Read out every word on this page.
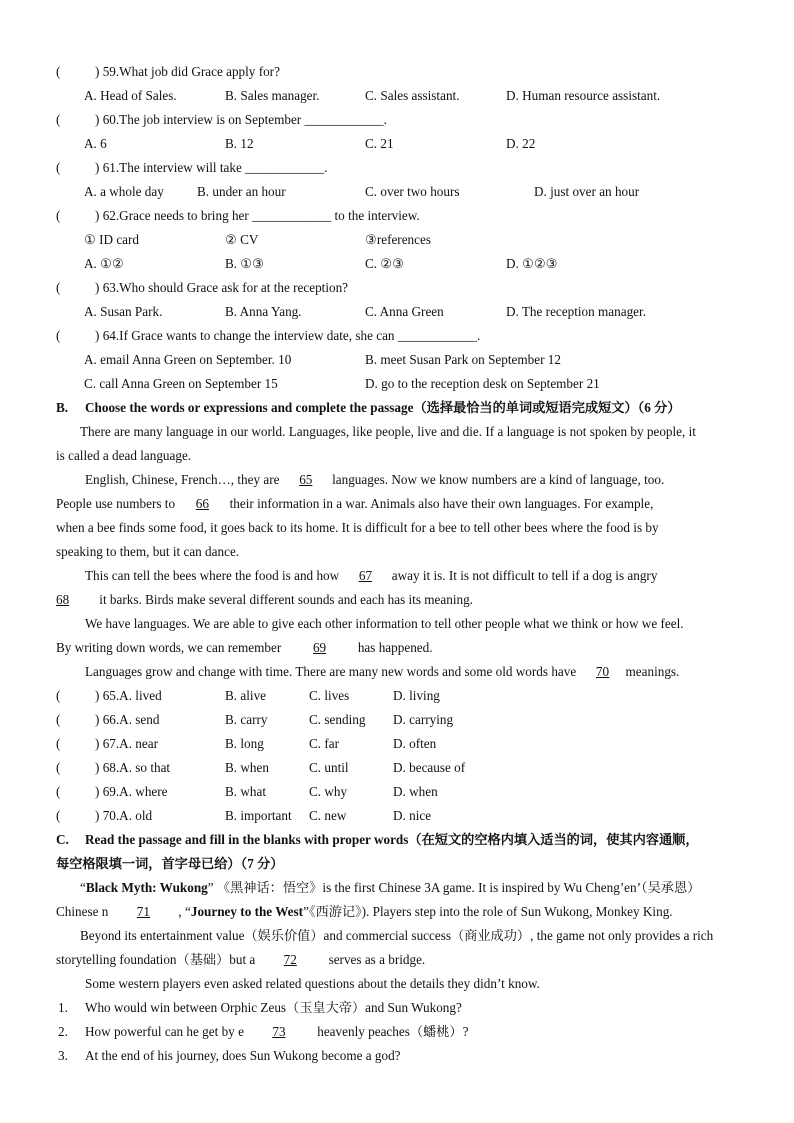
(	) 59.What job did Grace apply for?
A. Head of Sales.	B. Sales manager.	C. Sales assistant.	D. Human resource assistant.
(	) 60.The job interview is on September ____________.
A. 6	B. 12	C. 21	D. 22
(	) 61.The interview will take ____________.
A. a whole day	B. under an hour	C. over two hours	D. just over an hour
(	) 62.Grace needs to bring her ____________ to the interview.
① ID card	② CV	③references
A. ①②	B. ①③	C. ②③	D. ①②③
(	) 63.Who should Grace ask for at the reception?
A. Susan Park.	B. Anna Yang.	C. Anna Green	D. The reception manager.
(	) 64.If Grace wants to change the interview date, she can ____________.
A. email Anna Green on September. 10	B. meet Susan Park on September 12
C. call Anna Green on September 15	D. go to the reception desk on September 21
B. Choose the words or expressions and complete the passage（选择最恰当的单词或短语完成短文）（6 分）
There are many language in our world. Languages, like people, live and die. If a language is not spoken by people, it
is called a dead language.
English, Chinese, French…, they are 65 languages. Now we know numbers are a kind of language, too.
People use numbers to 66 their information in a war. Animals also have their own languages. For example,
when a bee finds some food, it goes back to its home. It is difficult for a bee to tell other bees where the food is by
speaking to them, but it can dance.
This can tell the bees where the food is and how 67 away it is. It is not difficult to tell if a dog is angry
68 it barks. Birds make several different sounds and each has its meaning.
We have languages. We are able to give each other information to tell other people what we think or how we feel.
By writing down words, we can remember 69 has happened.
Languages grow and change with time. There are many new words and some old words have 70 meanings.
(	) 65.A. lived	B. alive	C. lives	D. living
(	) 66.A. send	B. carry	C. sending D. carrying
(	) 67.A. near	B. long	C. far	D. often
(	) 68.A. so that	B. when	C. until	D. because of
(	) 69.A. where	B. what	C. why	D. when
(	) 70.A. old	B. important C. new	D. nice
C. Read the passage and fill in the blanks with proper words（在短文的空格内填入适当的词，使其内容通顺，
每空格限填一词，首字母已给）（7 分）
“Black Myth: Wukong” 《黑神话：悟空》is the first Chinese 3A game. It is inspired by Wu Cheng’en’（吴承恩）
Chinese n 71 , “Journey to the West”《西游记》). Players step into the role of Sun Wukong, Monkey King.
Beyond its entertainment value（娱乐价值）and commercial success（商业成功）, the game not only provides a rich
storytelling foundation（基础）but a 72 serves as a bridge.
Some western players even asked related questions about the details they didn’t know.
1. Who would win between Orphic Zeus（玉皇大帝）and Sun Wukong?
2. How powerful can he get by e 73 heavenly peaches（蟠桃）?
3. At the end of his journey, does Sun Wukong become a god?
